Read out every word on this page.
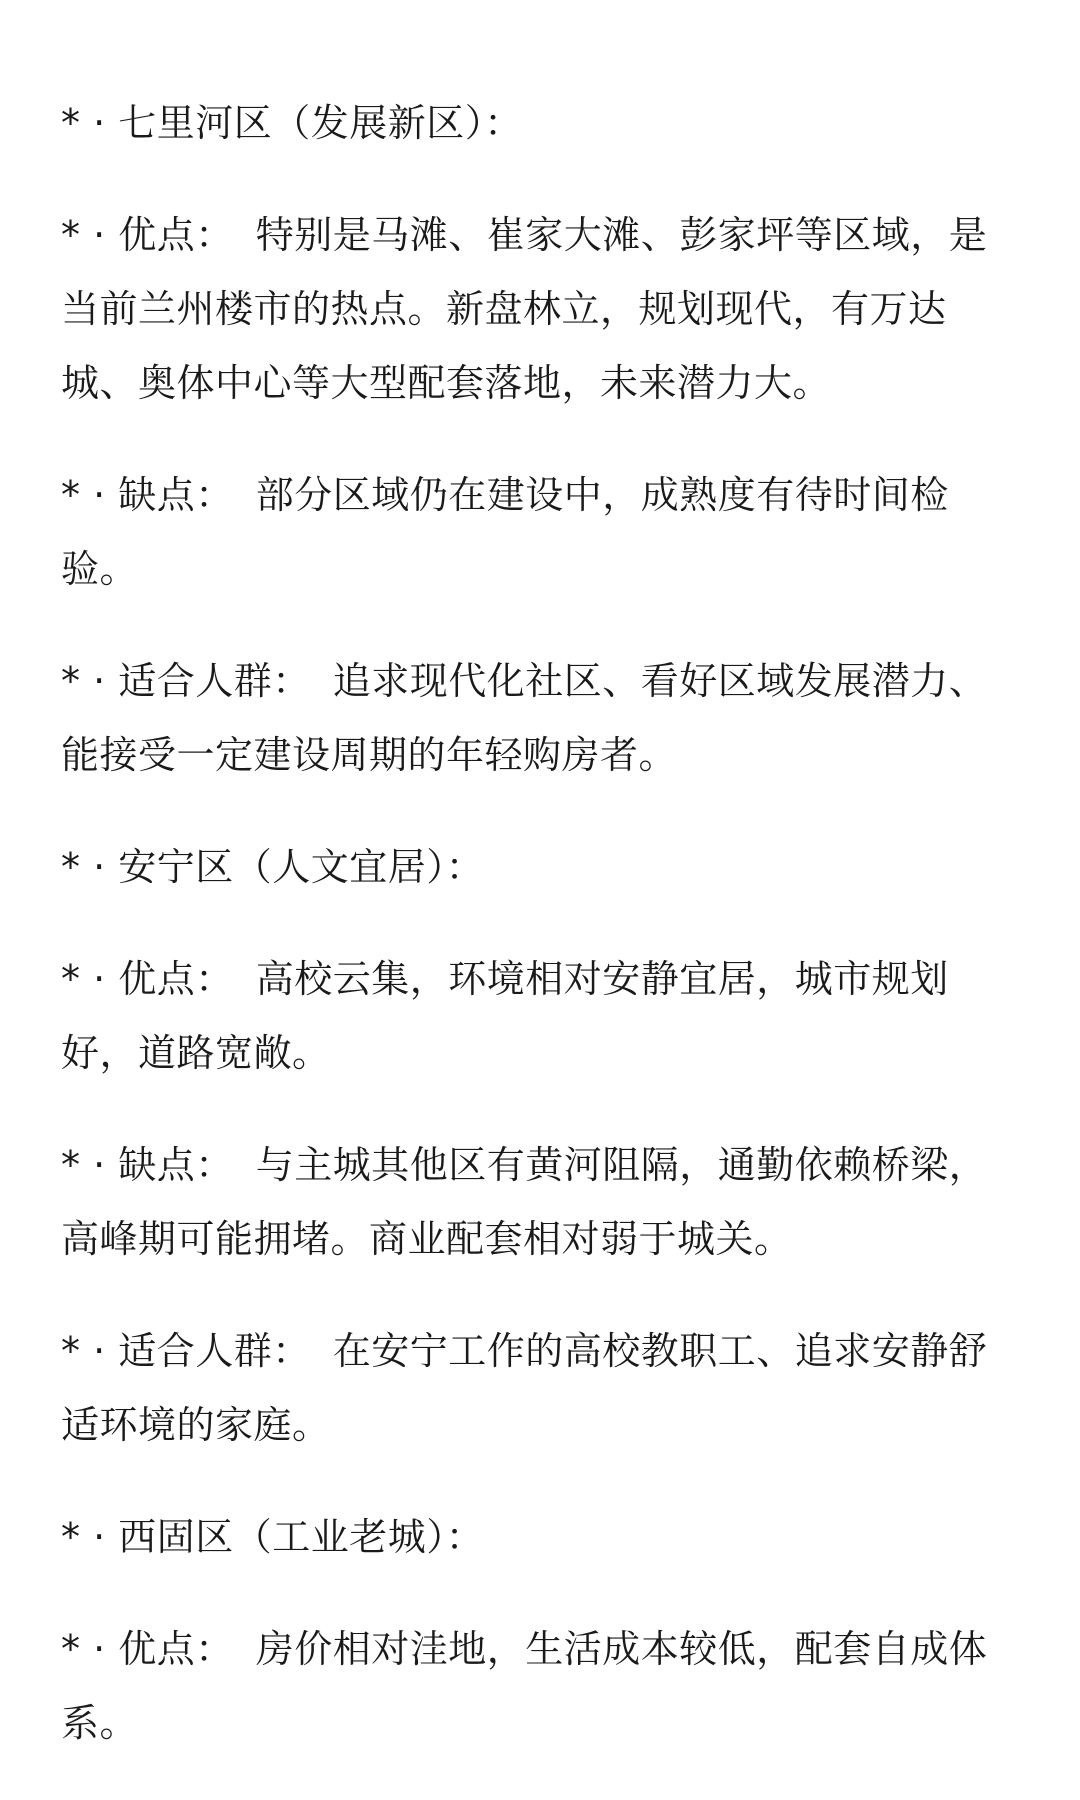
* · 七里河区（发展新区）：

* · 优点： 特别是马滩、崔家大滩、彭家坪等区域，是当前兰州楼市的热点。新盘林立，规划现代，有万达城、奥体中心等大型配套落地，未来潜力大。

* · 缺点： 部分区域仍在建设中，成熟度有待时间检验。

* · 适合人群： 追求现代化社区、看好区域发展潜力、能接受一定建设周期的年轻购房者。

* · 安宁区（人文宜居）：

* · 优点： 高校云集，环境相对安静宜居，城市规划好，道路宽敞。

* · 缺点： 与主城其他区有黄河阻隔，通勤依赖桥梁，高峰期可能拥堵。商业配套相对弱于城关。

* · 适合人群： 在安宁工作的高校教职工、追求安静舒适环境的家庭。

* · 西固区（工业老城）：

* · 优点： 房价相对洼地，生活成本较低，配套自成体系。
